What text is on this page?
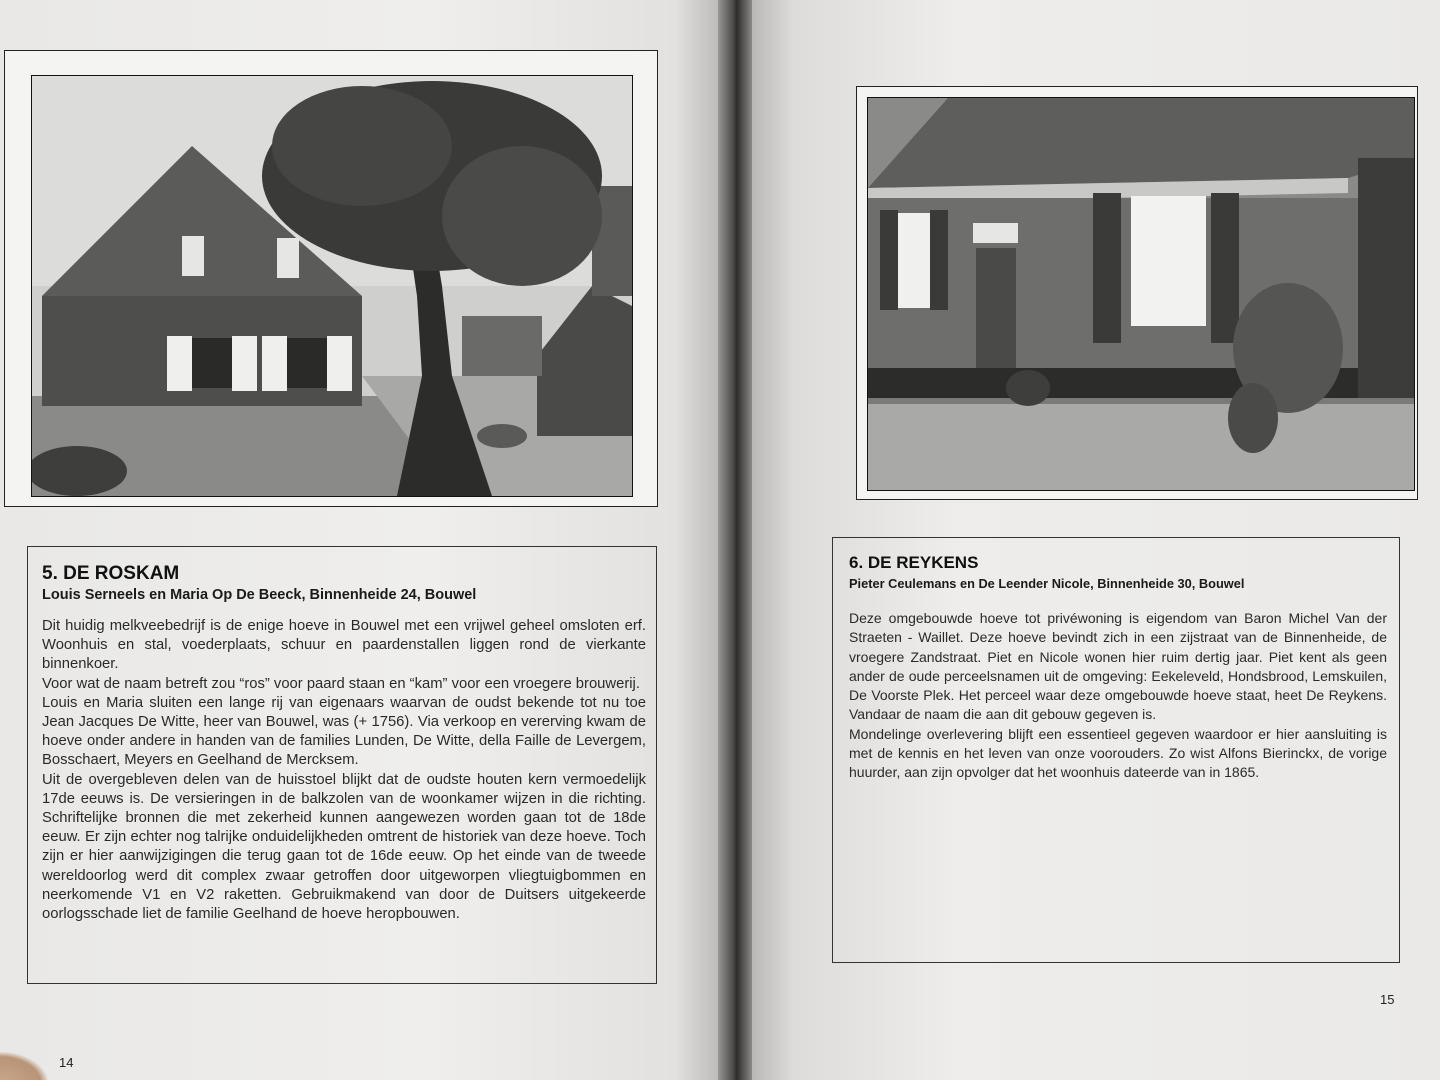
5. DE ROSKAM
Louis Serneels en Maria Op De Beeck, Binnenheide 24, Bouwel

Dit huidig melkveebedrijf is de enige hoeve in Bouwel met een vrijwel geheel omsloten erf. Woonhuis en stal, voederplaats, schuur en paardenstallen liggen rond de vierkante binnenkoer.

Voor wat de naam betreft zou “ros” voor paard staan en “kam” voor een vroegere brouwerij.

Louis en Maria sluiten een lange rij van eigenaars waarvan de oudst bekende tot nu toe Jean Jacques De Witte, heer van Bouwel, was (+ 1756). Via verkoop en vererving kwam de hoeve onder andere in handen van de families Lunden, De Witte, della Faille de Levergem, Bosschaert, Meyers en Geelhand de Mercksem.

Uit de overgebleven delen van de huisstoel blijkt dat de oudste houten kern vermoedelijk 17de eeuws is. De versieringen in de balkzolen van de woonkamer wijzen in die richting. Schriftelijke bronnen die met zekerheid kunnen aangewezen worden gaan tot de 18de eeuw. Er zijn echter nog talrijke onduidelijkheden omtrent de historiek van deze hoeve. Toch zijn er hier aanwijzigingen die terug gaan tot de 16de eeuw. Op het einde van de tweede wereldoorlog werd dit complex zwaar getroffen door uitgeworpen vliegtuigbommen en neerkomende V1 en V2 raketten. Gebruikmakend van door de Duitsers uitgekeerde oorlogsschade liet de familie Geelhand de hoeve heropbouwen.

14
6. DE REYKENS
Pieter Ceulemans en De Leender Nicole, Binnenheide 30, Bouwel

Deze omgebouwde hoeve tot privéwoning is eigendom van Baron Michel Van der Straeten - Waillet. Deze hoeve bevindt zich in een zijstraat van de Binnenheide, de vroegere Zandstraat. Piet en Nicole wonen hier ruim dertig jaar. Piet kent als geen ander de oude perceelsnamen uit de omgeving: Eekeleveld, Hondsbrood, Lemskuilen, De Voorste Plek. Het perceel waar deze omgebouwde hoeve staat, heet De Reykens. Vandaar de naam die aan dit gebouw gegeven is.

Mondelinge overlevering blijft een essentieel gegeven waardoor er hier aansluiting is met de kennis en het leven van onze voorouders. Zo wist Alfons Bierinckx, de vorige huurder, aan zijn opvolger dat het woonhuis dateerde van in 1865.

15
